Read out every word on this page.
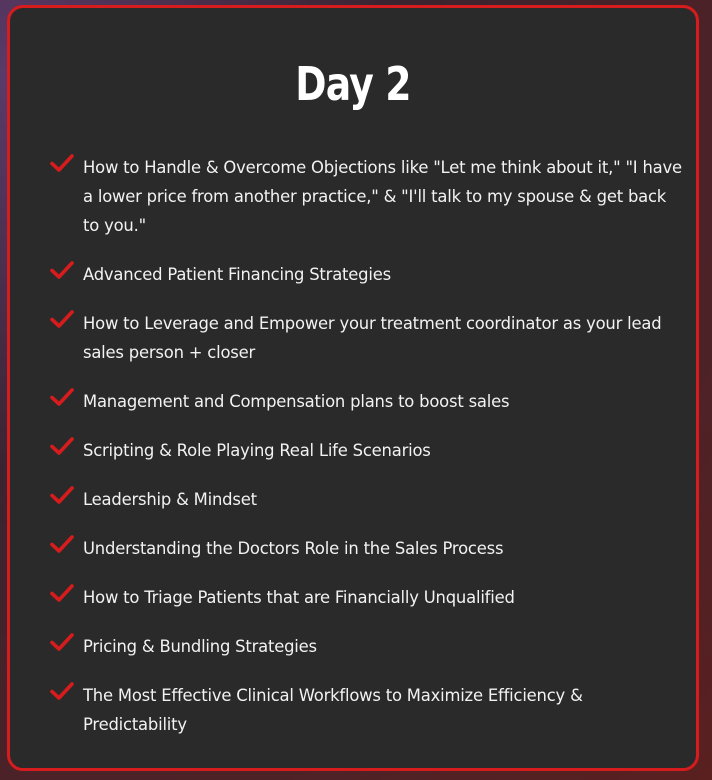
Day 2
How to Handle & Overcome Objections like "Let me think about it," "I have a lower price from another practice," & "I'll talk to my spouse & get back to you."
Advanced Patient Financing Strategies
How to Leverage and Empower your treatment coordinator as your lead sales person + closer
Management and Compensation plans to boost sales
Scripting & Role Playing Real Life Scenarios
Leadership & Mindset
Understanding the Doctors Role in the Sales Process
How to Triage Patients that are Financially Unqualified
Pricing & Bundling Strategies
The Most Effective Clinical Workflows to Maximize Efficiency & Predictability
